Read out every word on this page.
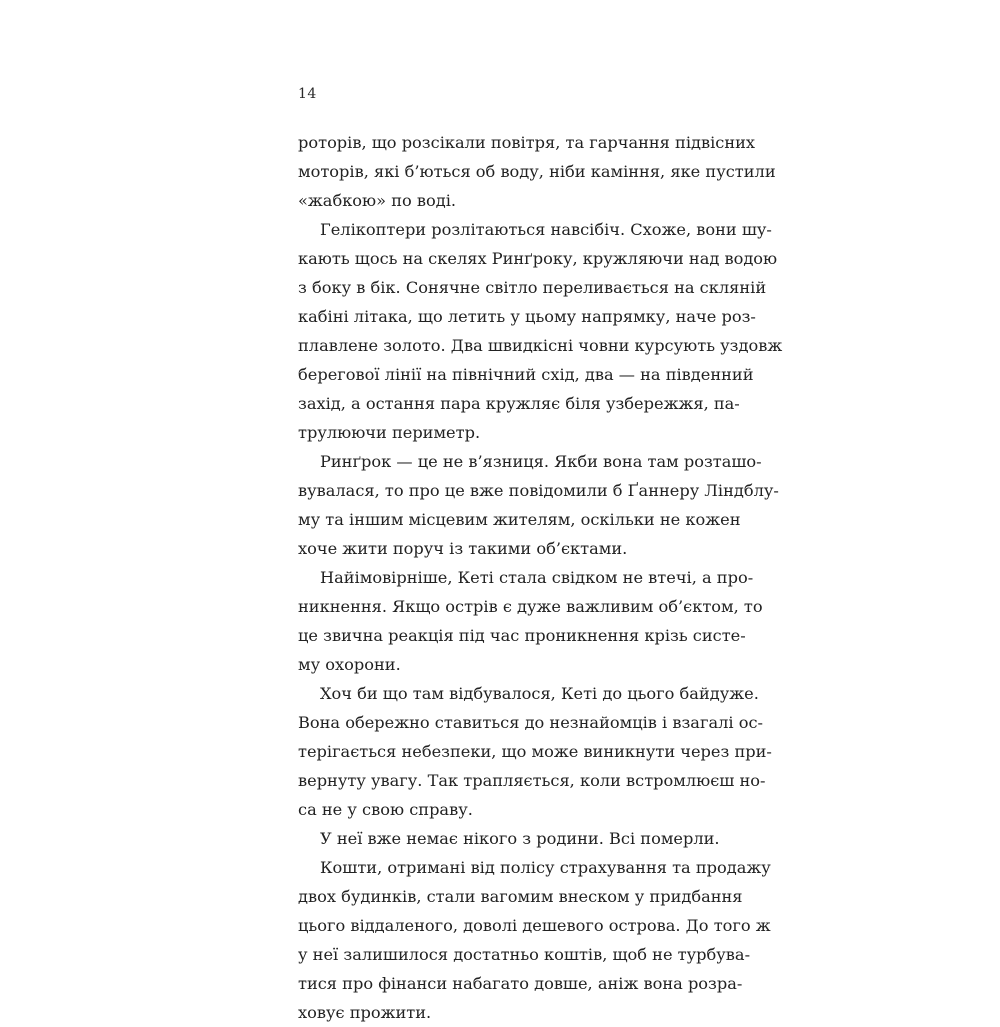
14
роторів, що розсікали повітря, та гарчання підвісних
моторів, які б’ються об воду, ніби каміння, яке пустили
«жабкою» по воді.
Гелікоптери розлітаються навсібіч. Схоже, вони шу-
кають щось на скелях Ринґроку, кружляючи над водою
з боку в бік. Сонячне світло переливається на скляній
кабіні літака, що летить у цьому напрямку, наче роз-
плавлене золото. Два швидкісні човни курсують уздовж
берегової лінії на північний схід, два — на південний
захід, а остання пара кружляє біля узбережжя, па-
трулюючи периметр.
Ринґрок — це не в’язниця. Якби вона там розташо-
вувалася, то про це вже повідомили б Ґаннеру Ліндблу-
му та іншим місцевим жителям, оскільки не кожен
хоче жити поруч із такими об’єктами.
Найімовірніше, Кеті стала свідком не втечі, а про-
никнення. Якщо острів є дуже важливим об’єктом, то
це звична реакція під час проникнення крізь систе-
му охорони.
Хоч би що там відбувалося, Кеті до цього байдуже.
Вона обережно ставиться до незнайомців і взагалі ос-
терігається небезпеки, що може виникнути через при-
вернуту увагу. Так трапляється, коли встромлюєш но-
са не у свою справу.
У неї вже немає нікого з родини. Всі померли.
Кошти, отримані від полісу страхування та продажу
двох будинків, стали вагомим внеском у придбання
цього віддаленого, доволі дешевого острова. До того ж
у неї залишилося достатньо коштів, щоб не турбува-
тися про фінанси набагато довше, аніж вона розра-
ховує прожити.
